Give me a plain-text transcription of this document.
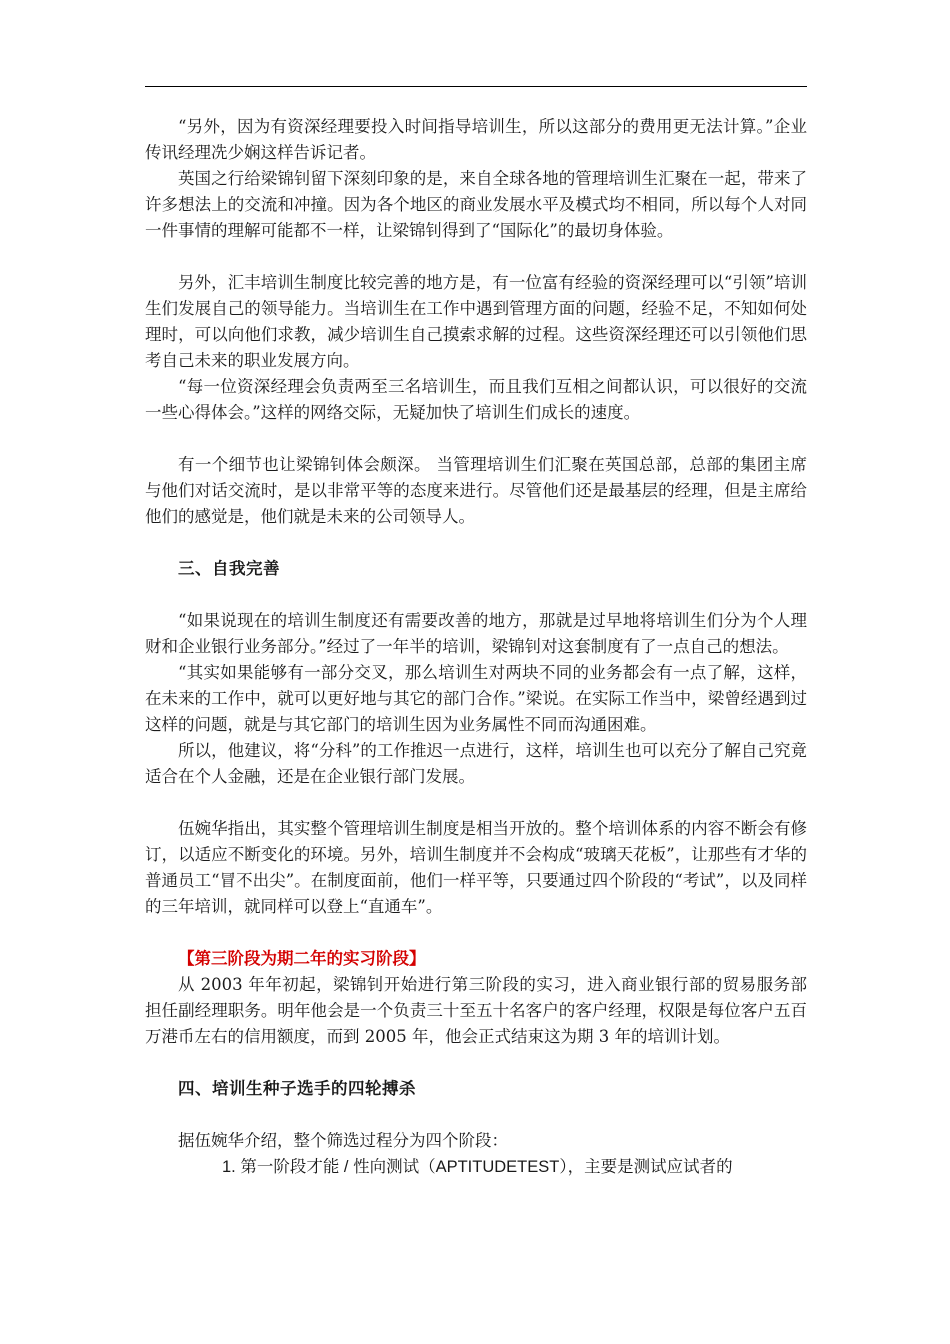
“另外，因为有资深经理要投入时间指导培训生，所以这部分的费用更无法计算。”企业传讯经理冼少娴这样告诉记者。

英国之行给梁锦钊留下深刻印象的是，来自全球各地的管理培训生汇聚在一起，带来了许多想法上的交流和冲撞。因为各个地区的商业发展水平及模式均不相同，所以每个人对同一件事情的理解可能都不一样，让梁锦钊得到了“国际化”的最切身体验。

另外，汇丰培训生制度比较完善的地方是，有一位富有经验的资深经理可以“引领”培训生们发展自己的领导能力。当培训生在工作中遇到管理方面的问题，经验不足，不知如何处理时，可以向他们求教，减少培训生自己摸索求解的过程。这些资深经理还可以引领他们思考自己未来的职业发展方向。

“每一位资深经理会负责两至三名培训生，而且我们互相之间都认识，可以很好的交流一些心得体会。”这样的网络交际，无疑加快了培训生们成长的速度。

有一个细节也让梁锦钊体会颇深。 当管理培训生们汇聚在英国总部，总部的集团主席与他们对话交流时，是以非常平等的态度来进行。尽管他们还是最基层的经理，但是主席给他们的感觉是，他们就是未来的公司领导人。

三、自我完善

“如果说现在的培训生制度还有需要改善的地方，那就是过早地将培训生们分为个人理财和企业银行业务部分。”经过了一年半的培训，梁锦钊对这套制度有了一点自己的想法。

“其实如果能够有一部分交叉，那么培训生对两块不同的业务都会有一点了解，这样，在未来的工作中，就可以更好地与其它的部门合作。”梁说。在实际工作当中，梁曾经遇到过这样的问题，就是与其它部门的培训生因为业务属性不同而沟通困难。

所以，他建议，将“分科”的工作推迟一点进行，这样，培训生也可以充分了解自己究竟适合在个人金融，还是在企业银行部门发展。

伍婉华指出，其实整个管理培训生制度是相当开放的。整个培训体系的内容不断会有修订，以适应不断变化的环境。另外，培训生制度并不会构成“玻璃天花板”，让那些有才华的普通员工“冒不出尖”。在制度面前，他们一样平等，只要通过四个阶段的“考试”，以及同样的三年培训，就同样可以登上“直通车”。

【第三阶段为期二年的实习阶段】

从 2003 年年初起，梁锦钊开始进行第三阶段的实习，进入商业银行部的贸易服务部担任副经理职务。明年他会是一个负责三十至五十名客户的客户经理，权限是每位客户五百万港币左右的信用额度，而到 2005 年，他会正式结束这为期 3 年的培训计划。

四、培训生种子选手的四轮搏杀

据伍婉华介绍，整个筛选过程分为四个阶段：

1. 第一阶段才能 / 性向测试（APTITUDETEST），主要是测试应试者的
